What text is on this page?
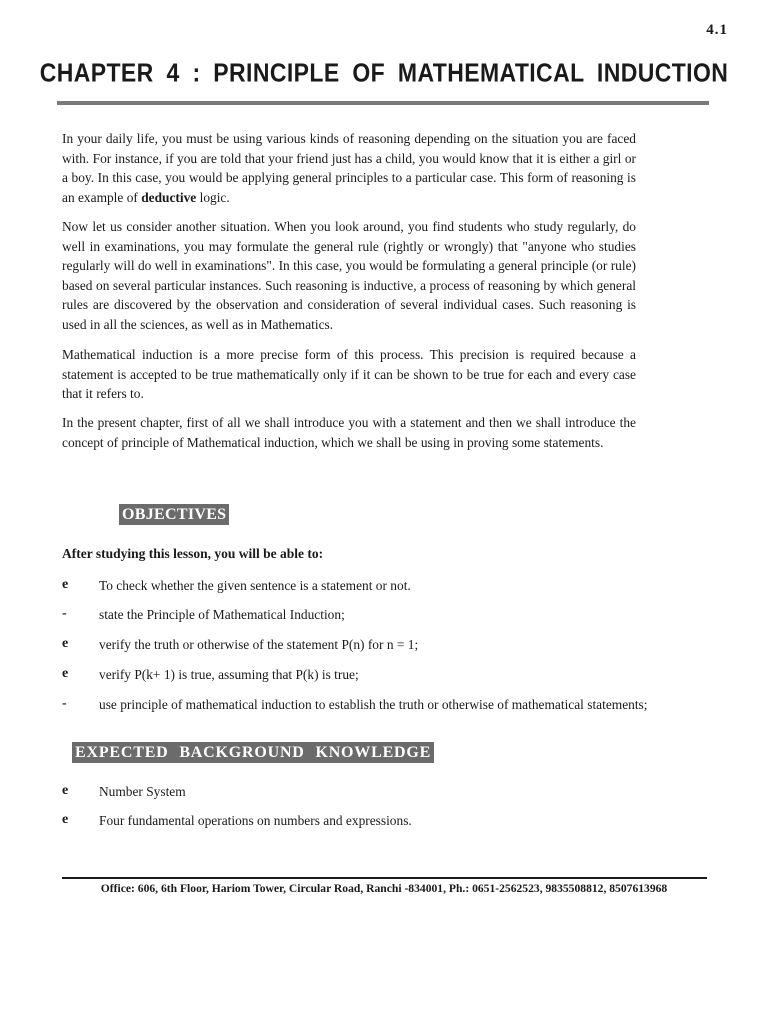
4.1
CHAPTER 4 : PRINCIPLE OF MATHEMATICAL INDUCTION

In your daily life, you must be using various kinds of reasoning depending on the situation you are faced with. For instance, if you are told that your friend just has a child, you would know that it is either a girl or a boy. In this case, you would be applying general principles to a particular case. This form of reasoning is an example of deductive logic.

Now let us consider another situation. When you look around, you find students who study regularly, do well in examinations, you may formulate the general rule (rightly or wrongly) that "anyone who studies regularly will do well in examinations". In this case, you would be formulating a general principle (or rule) based on several particular instances. Such reasoning is inductive, a process of reasoning by which general rules are discovered by the observation and consideration of several individual cases. Such reasoning is used in all the sciences, as well as in Mathematics.

Mathematical induction is a more precise form of this process. This precision is required because a statement is accepted to be true mathematically only if it can be shown to be true for each and every case that it refers to.

In the present chapter, first of all we shall introduce you with a statement and then we shall introduce the concept of principle of Mathematical induction, which we shall be using in proving some statements.

OBJECTIVES
After studying this lesson, you will be able to:
e	To check whether the given sentence is a statement or not.
-	state the Principle of Mathematical Induction;
e	verify the truth or otherwise of the statement P(n) for n = 1;
e	verify P(k+ 1) is true, assuming that P(k) is true;
-	use principle of mathematical induction to establish the truth or otherwise of mathematical statements;
EXPECTED BACKGROUND KNOWLEDGE
e	Number System
e	Four fundamental operations on numbers and expressions.
Office: 606, 6th Floor, Hariom Tower, Circular Road, Ranchi -834001, Ph.: 0651-2562523, 9835508812, 8507613968
